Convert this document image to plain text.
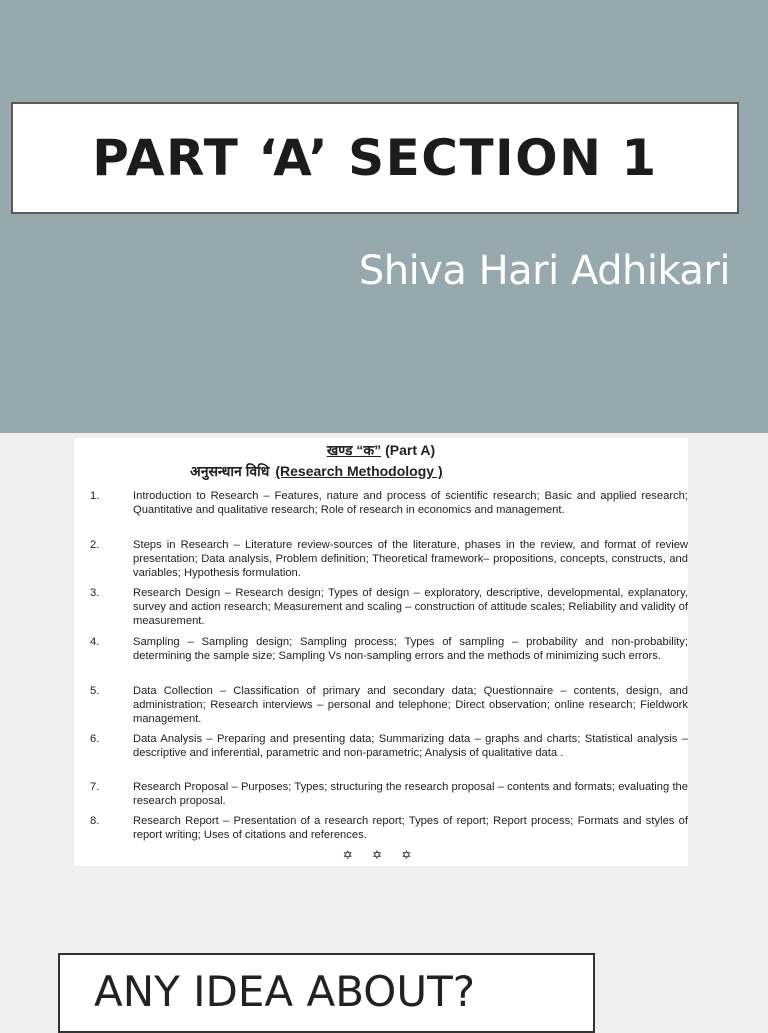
PART ‘A’ SECTION 1
Shiva Hari Adhikari
खण्ड “क” (Part A)
अनुसन्धान विधि (Research Methodology )
1.	Introduction to Research – Features, nature and process of scientific research; Basic and applied research; Quantitative and qualitative research; Role of research in economics and management.
2.	Steps in Research – Literature review-sources of the literature, phases in the review, and format of review presentation; Data analysis, Problem definition; Theoretical framework– propositions, concepts, constructs, and variables; Hypothesis formulation.
3.	Research Design – Research design; Types of design – exploratory, descriptive, developmental, explanatory, survey and action research; Measurement and scaling – construction of attitude scales; Reliability and validity of measurement.
4.	Sampling – Sampling design; Sampling process; Types of sampling – probability and non-probability; determining the sample size; Sampling Vs non-sampling errors and the methods of minimizing such errors.
5.	Data Collection – Classification of primary and secondary data; Questionnaire – contents, design, and administration; Research interviews – personal and telephone; Direct observation; online research; Fieldwork management.
6.	Data Analysis – Preparing and presenting data; Summarizing data – graphs and charts; Statistical analysis – descriptive and inferential, parametric and non-parametric; Analysis of qualitative data .
7.	Research Proposal – Purposes; Types; structuring the research proposal – contents and formats; evaluating the research proposal.
8.	Research Report – Presentation of a research report; Types of report; Report process; Formats and styles of report writing; Uses of citations and references.
✡ ✡ ✡
ANY IDEA ABOUT?
